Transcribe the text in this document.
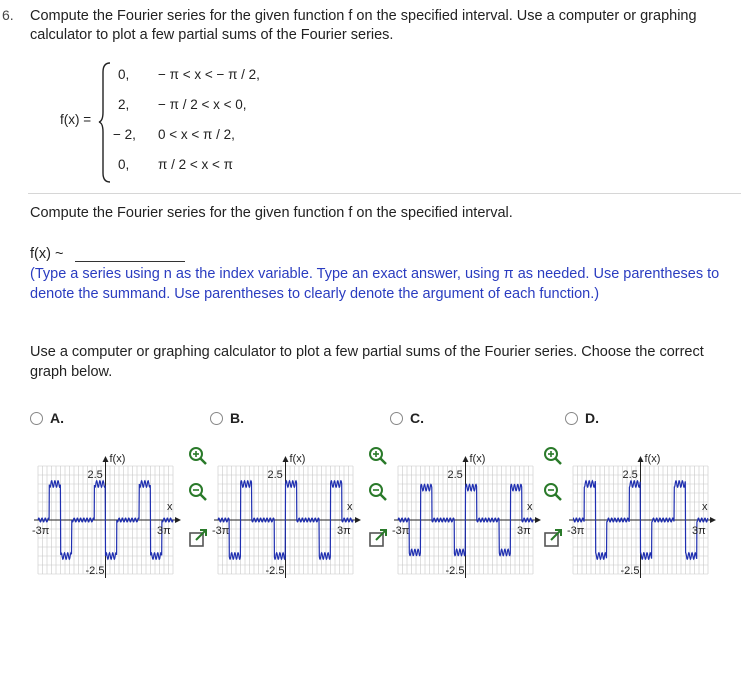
6. Compute the Fourier series for the given function f on the specified interval. Use a computer or graphing calculator to plot a few partial sums of the Fourier series.
f(x) =
0, − π < x < − π / 2,
2, − π / 2 < x < 0,
− 2, 0 < x < π / 2,
0, π / 2 < x < π
Compute the Fourier series for the given function f on the specified interval.
f(x) ~
(Type a series using n as the index variable. Type an exact answer, using π as needed. Use parentheses to denote the summand. Use parentheses to clearly denote the argument of each function.)
Use a computer or graphing calculator to plot a few partial sums of the Fourier series. Choose the correct graph below.
A.
f(x)
2.5
-2.5
x
-3π	3π
B.
f(x)
2.5
-2.5
x
-3π	3π
C.
f(x)
2.5
-2.5
x
-3π	3π
D.
f(x)
2.5
-2.5
x
-3π	3π
